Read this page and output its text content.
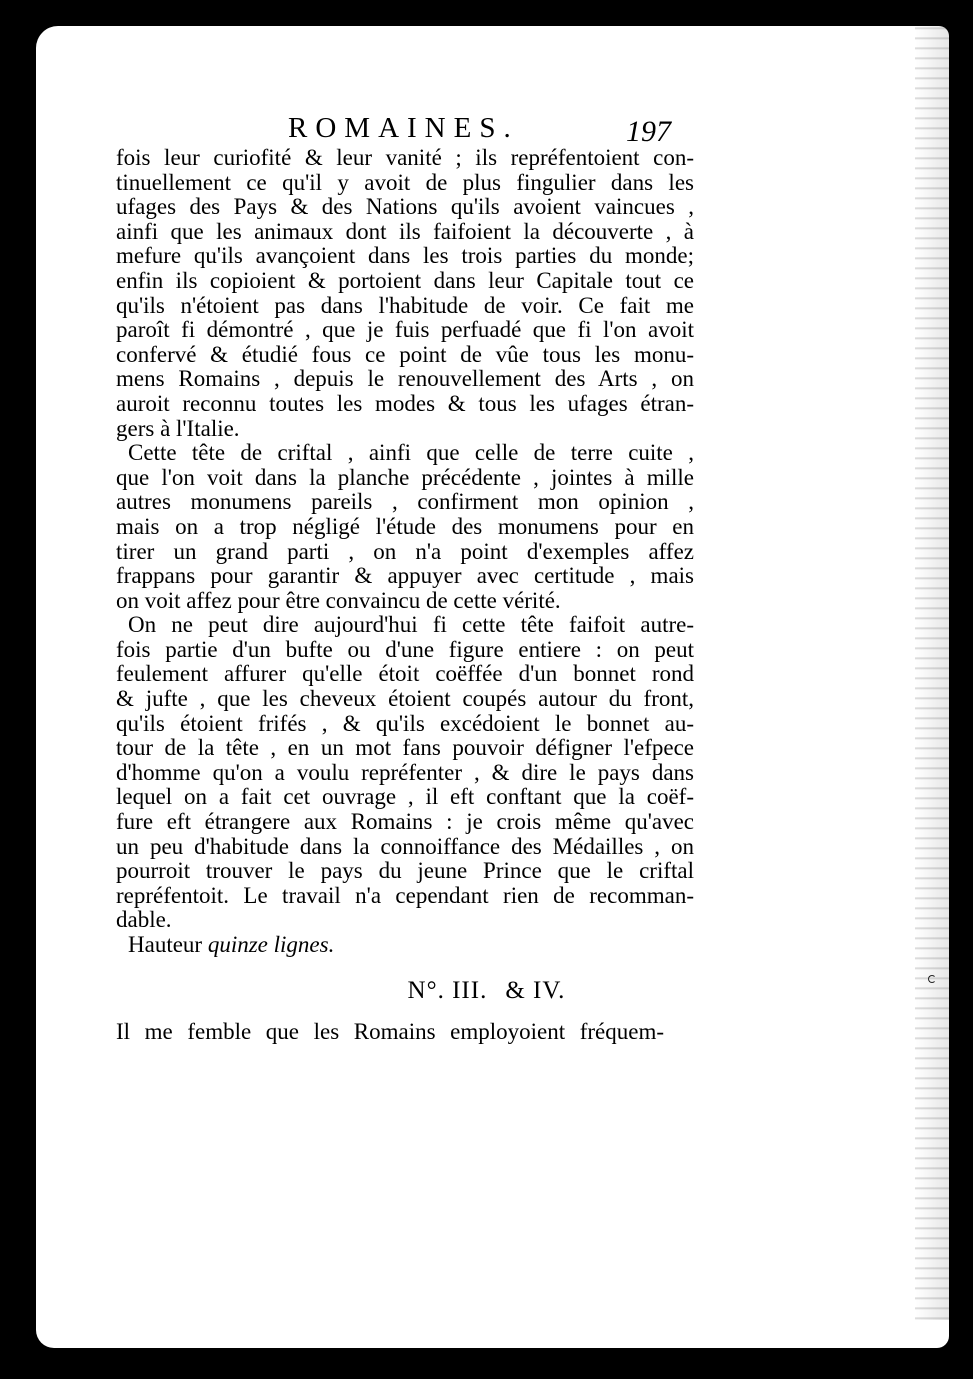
ROMAINES.	197
fois leur curiofité & leur vanité ; ils repréfentoient con-
tinuellement ce qu'il y avoit de plus fingulier dans les
ufages des Pays & des Nations qu'ils avoient vaincues ,
ainfi que les animaux dont ils faifoient la découverte , à
mefure qu'ils avançoient dans les trois parties du monde;
enfin ils copioient & portoient dans leur Capitale tout ce
qu'ils n'étoient pas dans l'habitude de voir. Ce fait me
paroît fi démontré , que je fuis perfuadé que fi l'on avoit
confervé & étudié fous ce point de vûe tous les monu-
mens Romains , depuis le renouvellement des Arts , on
auroit reconnu toutes les modes & tous les ufages étran-
gers à l'Italie.
Cette tête de criftal , ainfi que celle de terre cuite ,
que l'on voit dans la planche précédente , jointes à mille
autres monumens pareils , confirment mon opinion ,
mais on a trop négligé l'étude des monumens pour en
tirer un grand parti , on n'a point d'exemples affez
frappans pour garantir & appuyer avec certitude , mais
on voit affez pour être convaincu de cette vérité.
On ne peut dire aujourd'hui fi cette tête faifoit autre-
fois partie d'un bufte ou d'une figure entiere : on peut
feulement affurer qu'elle étoit coëffée d'un bonnet rond
& jufte , que les cheveux étoient coupés autour du front,
qu'ils étoient frifés , & qu'ils excédoient le bonnet au-
tour de la tête , en un mot fans pouvoir défigner l'efpece
d'homme qu'on a voulu repréfenter , & dire le pays dans
lequel on a fait cet ouvrage , il eft conftant que la coëf-
fure eft étrangere aux Romains : je crois même qu'avec
un peu d'habitude dans la connoiffance des Médailles , on
pourroit trouver le pays du jeune Prince que le criftal
repréfentoit. Le travail n'a cependant rien de recomman-
dable.
Hauteur quinze lignes.
N°. III. & IV.
Il me femble que les Romains employoient fréquem-
